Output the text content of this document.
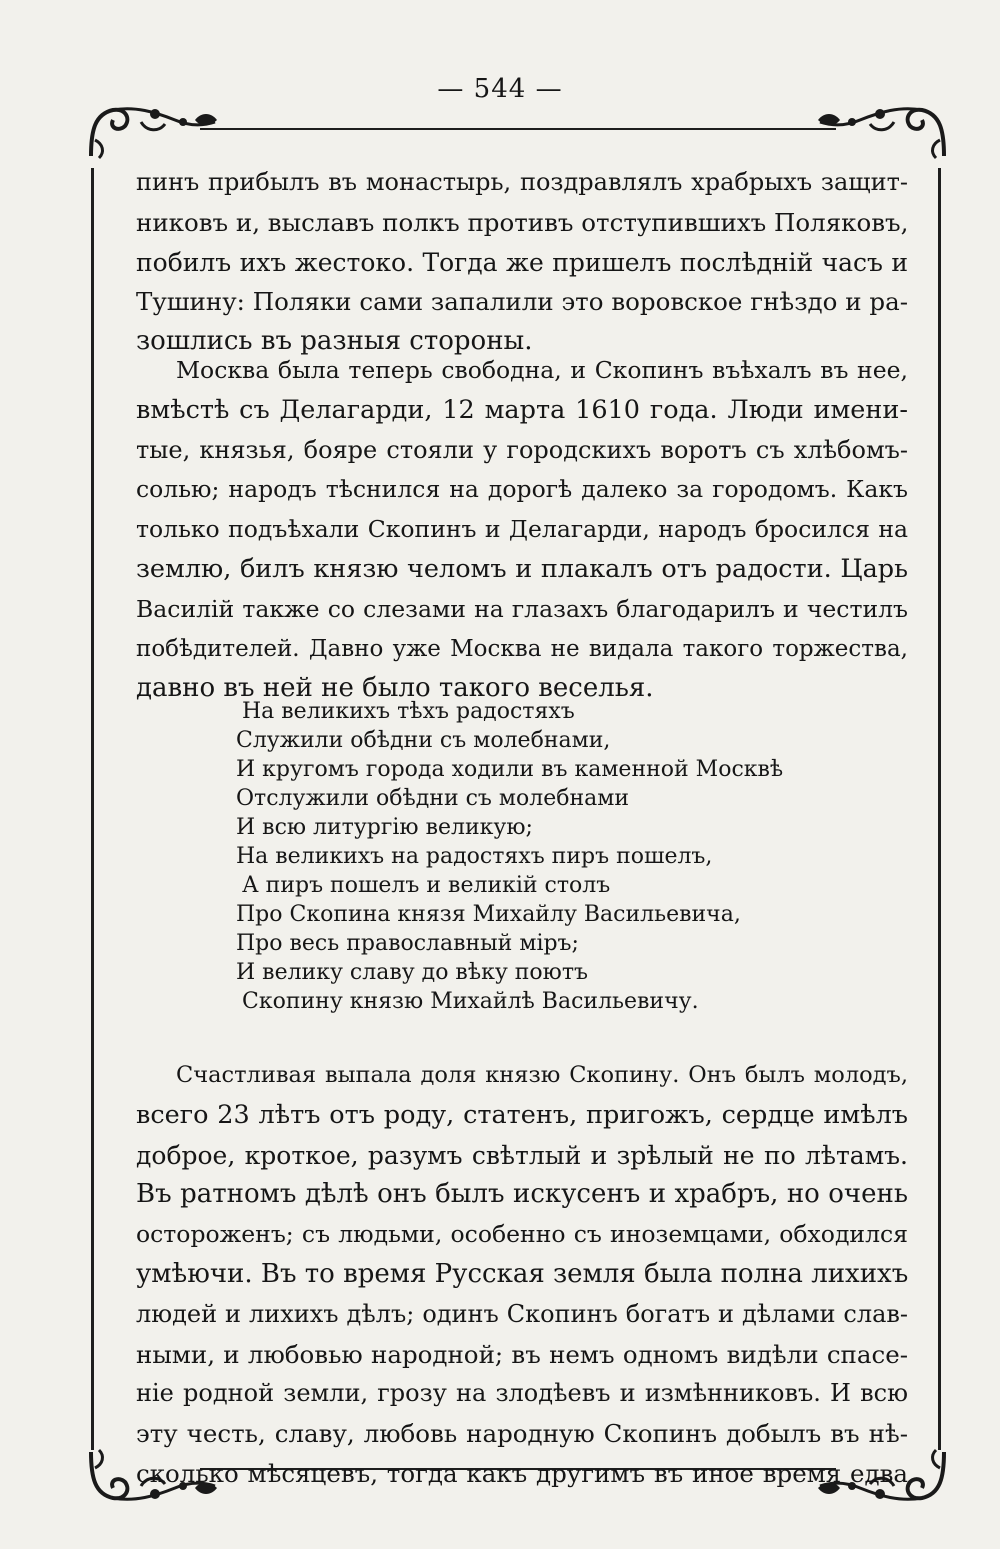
— 544 —
пинъ прибылъ въ монастырь, поздравлялъ храбрыхъ защит-
никовъ и, выславъ полкъ противъ отступившихъ Поляковъ,
побилъ ихъ жестоко. Тогда же пришелъ послѣдній часъ и
Тушину: Поляки сами запалили это воровское гнѣздо и ра-
зошлись въ разныя стороны.
Москва была теперь свободна, и Скопинъ въѣхалъ въ нее,
вмѣстѣ съ Делагарди, 12 марта 1610 года. Люди имени-
тые, князья, бояре стояли у городскихъ воротъ съ хлѣбомъ-
солью; народъ тѣснился на дорогѣ далеко за городомъ. Какъ
только подъѣхали Скопинъ и Делагарди, народъ бросился на
землю, билъ князю челомъ и плакалъ отъ радости. Царь
Василій также со слезами на глазахъ благодарилъ и честилъ
побѣдителей. Давно уже Москва не видала такого торжества,
давно въ ней не было такого веселья.
На великихъ тѣхъ радостяхъ
Служили обѣдни съ молебнами,
И кругомъ города ходили въ каменной Москвѣ
Отслужили обѣдни съ молебнами
И всю литургію великую;
На великихъ на радостяхъ пиръ пошелъ,
А пиръ пошелъ и великій столъ
Про Скопина князя Михайлу Васильевича,
Про весь православный міръ;
И велику славу до вѣку поютъ
Скопину князю Михайлѣ Васильевичу.
Счастливая выпала доля князю Скопину. Онъ былъ молодъ,
всего 23 лѣтъ отъ роду, статенъ, пригожъ, сердце имѣлъ
доброе, кроткое, разумъ свѣтлый и зрѣлый не по лѣтамъ.
Въ ратномъ дѣлѣ онъ былъ искусенъ и храбръ, но очень
остороженъ; съ людьми, особенно съ иноземцами, обходился
умѣючи. Въ то время Русская земля была полна лихихъ
людей и лихихъ дѣлъ; одинъ Скопинъ богатъ и дѣлами слав-
ными, и любовью народной; въ немъ одномъ видѣли спасе-
ніе родной земли, грозу на злодѣевъ и измѣнниковъ. И всю
эту честь, славу, любовь народную Скопинъ добылъ въ нѣ-
сколько мѣсяцевъ, тогда какъ другимъ въ иное время едва
